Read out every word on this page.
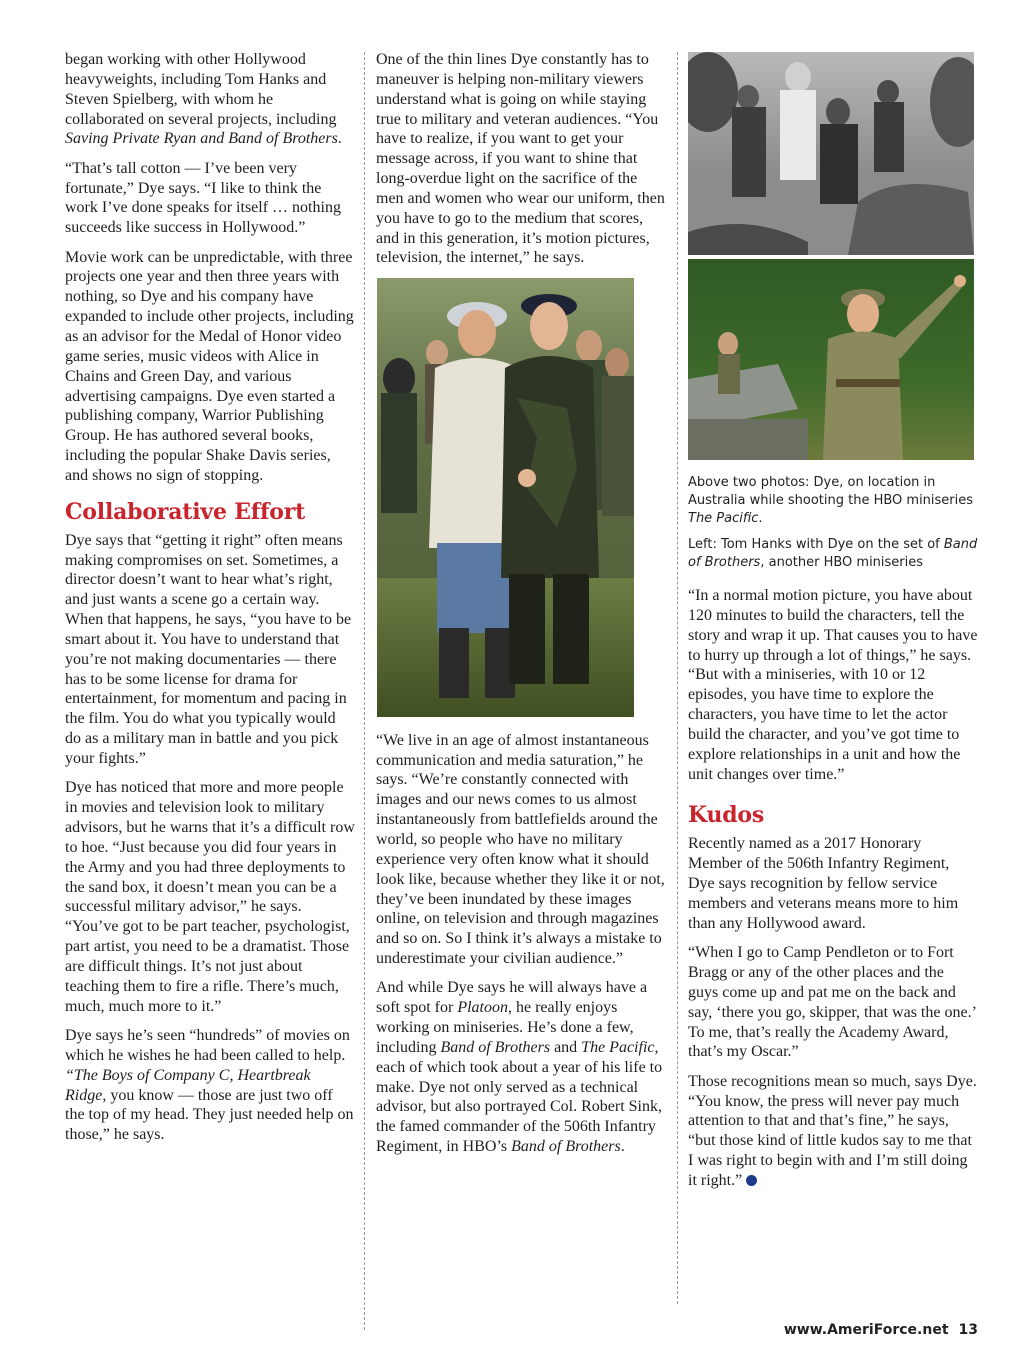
began working with other Hollywood heavyweights, including Tom Hanks and Steven Spielberg, with whom he collaborated on several projects, including Saving Private Ryan and Band of Brothers.

“That’s tall cotton — I’ve been very fortunate,” Dye says. “I like to think the work I’ve done speaks for itself … nothing succeeds like success in Hollywood.”

Movie work can be unpredictable, with three projects one year and then three years with nothing, so Dye and his company have expanded to include other projects, including as an advisor for the Medal of Honor video game series, music videos with Alice in Chains and Green Day, and various advertising campaigns. Dye even started a publishing company, Warrior Publishing Group. He has authored several books, including the popular Shake Davis series, and shows no sign of stopping.

Collaborative Effort

Dye says that “getting it right” often means making compromises on set. Sometimes, a director doesn’t want to hear what’s right, and just wants a scene go a certain way. When that happens, he says, “you have to be smart about it. You have to understand that you’re not making documentaries — there has to be some license for drama for entertainment, for momentum and pacing in the film. You do what you typically would do as a military man in battle and you pick your fights.”

Dye has noticed that more and more people in movies and television look to military advisors, but he warns that it’s a difficult row to hoe. “Just because you did four years in the Army and you had three deployments to the sand box, it doesn’t mean you can be a successful military advisor,” he says. “You’ve got to be part teacher, psychologist, part artist, you need to be a dramatist. Those are difficult things. It’s not just about teaching them to fire a rifle. There’s much, much, much more to it.”

Dye says he’s seen “hundreds” of movies on which he wishes he had been called to help. “The Boys of Company C, Heartbreak Ridge, you know — those are just two off the top of my head. They just needed help on those,” he says.

One of the thin lines Dye constantly has to maneuver is helping non-military viewers understand what is going on while staying true to military and veteran audiences. “You have to realize, if you want to get your message across, if you want to shine that long-overdue light on the sacrifice of the men and women who wear our uniform, then you have to go to the medium that scores, and in this generation, it’s motion pictures, television, the internet,” he says.

“We live in an age of almost instantaneous communication and media saturation,” he says. “We’re constantly connected with images and our news comes to us almost instantaneously from battlefields around the world, so people who have no military experience very often know what it should look like, because whether they like it or not, they’ve been inundated by these images online, on television and through magazines and so on. So I think it’s always a mistake to underestimate your civilian audience.”

And while Dye says he will always have a soft spot for Platoon, he really enjoys working on miniseries. He’s done a few, including Band of Brothers and The Pacific, each of which took about a year of his life to make. Dye not only served as a technical advisor, but also portrayed Col. Robert Sink, the famed commander of the 506th Infantry Regiment, in HBO’s Band of Brothers.

Above two photos: Dye, on location in Australia while shooting the HBO miniseries The Pacific.

Left: Tom Hanks with Dye on the set of Band of Brothers, another HBO miniseries

“In a normal motion picture, you have about 120 minutes to build the characters, tell the story and wrap it up. That causes you to have to hurry up through a lot of things,” he says. “But with a miniseries, with 10 or 12 episodes, you have time to explore the characters, you have time to let the actor build the character, and you’ve got time to explore relationships in a unit and how the unit changes over time.”

Kudos

Recently named as a 2017 Honorary Member of the 506th Infantry Regiment, Dye says recognition by fellow service members and veterans means more to him than any Hollywood award.

“When I go to Camp Pendleton or to Fort Bragg or any of the other places and the guys come up and pat me on the back and say, ‘there you go, skipper, that was the one.’ To me, that’s really the Academy Award, that’s my Oscar.”

Those recognitions mean so much, says Dye. “You know, the press will never pay much attention to that and that’s fine,” he says, “but those kind of little kudos say to me that I was right to begin with and I’m still doing it right.”

www.AmeriForce.net 13
